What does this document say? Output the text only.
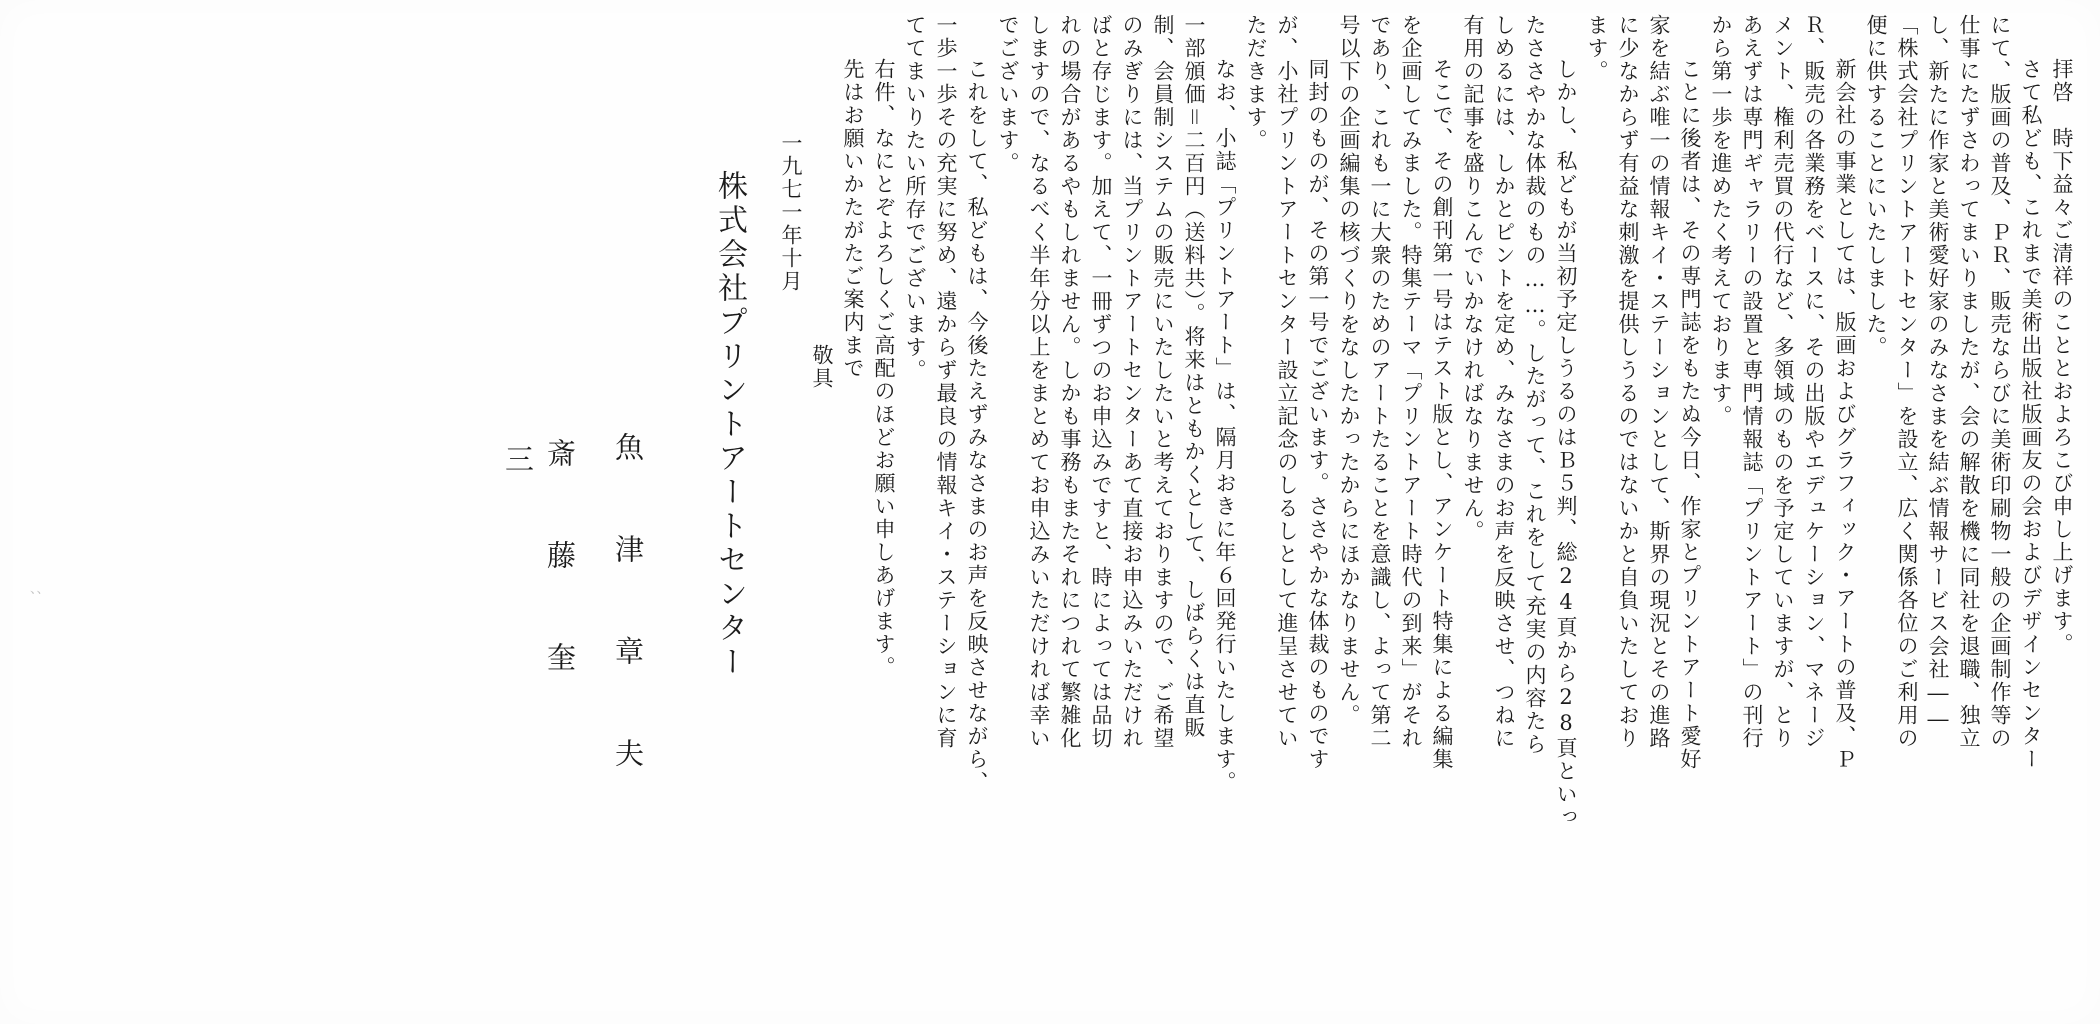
拝啓　時下益々ご清祥のこととおよろこび申し上げます。
さて私ども、これまで美術出版社版画友の会およびデザインセンター
にて、版画の普及、ＰＲ、販売ならびに美術印刷物一般の企画制作等の
仕事にたずさわってまいりましたが、会の解散を機に同社を退職、独立
し、新たに作家と美術愛好家のみなさまを結ぶ情報サービス会社――
「株式会社プリントアートセンター」を設立、広く関係各位のご利用の
便に供することにいたしました。
新会社の事業としては、版画およびグラフィック・アートの普及、Ｐ
Ｒ、販売の各業務をベースに、その出版やエデュケーション、マネージ
メント、権利売買の代行など、多領域のものを予定していますが、とり
あえずは専門ギャラリーの設置と専門情報誌「プリントアート」の刊行
から第一歩を進めたく考えております。
ことに後者は、その専門誌をもたぬ今日、作家とプリントアート愛好
家を結ぶ唯一の情報キイ・ステーションとして、斯界の現況とその進路
に少なからず有益な刺激を提供しうるのではないかと自負いたしており
ます。
しかし、私どもが当初予定しうるのはＢ５判、総24頁から28頁といっ
たささやかな体裁のもの……。したがって、これをして充実の内容たら
しめるには、しかとピントを定め、みなさまのお声を反映させ、つねに
有用の記事を盛りこんでいかなければなりません。
そこで、その創刊第一号はテスト版とし、アンケート特集による編集
を企画してみました。特集テーマ「プリントアート時代の到来」がそれ
であり、これも一に大衆のためのアートたることを意識し、よって第二
号以下の企画編集の核づくりをなしたかったからにほかなりません。
同封のものが、その第一号でございます。ささやかな体裁のものです
が、小社プリントアートセンター設立記念のしるしとして進呈させてい
ただきます。
なお、小誌「プリントアート」は、隔月おきに年６回発行いたします。
一部頒価＝二百円（送料共）。将来はともかくとして、しばらくは直販
制、会員制システムの販売にいたしたいと考えておりますので、ご希望
のみぎりには、当プリントアートセンターあて直接お申込みいただけれ
ばと存じます。加えて、一冊ずつのお申込みですと、時によっては品切
れの場合があるやもしれません。しかも事務もまたそれにつれて繁雑化
しますので、なるべく半年分以上をまとめてお申込みいただければ幸い
でございます。
これをして、私どもは、今後たえずみなさまのお声を反映させながら、
一歩一歩その充実に努め、遠からず最良の情報キイ・ステーションに育
ててまいりたい所存でございます。
右件、なにとぞよろしくご高配のほどお願い申しあげます。
先はお願いかたがたご案内まで
敬具
一九七一年十月
株式会社プリントアートセンター
魚　津　章　夫
斎　藤　奎
三
、、
